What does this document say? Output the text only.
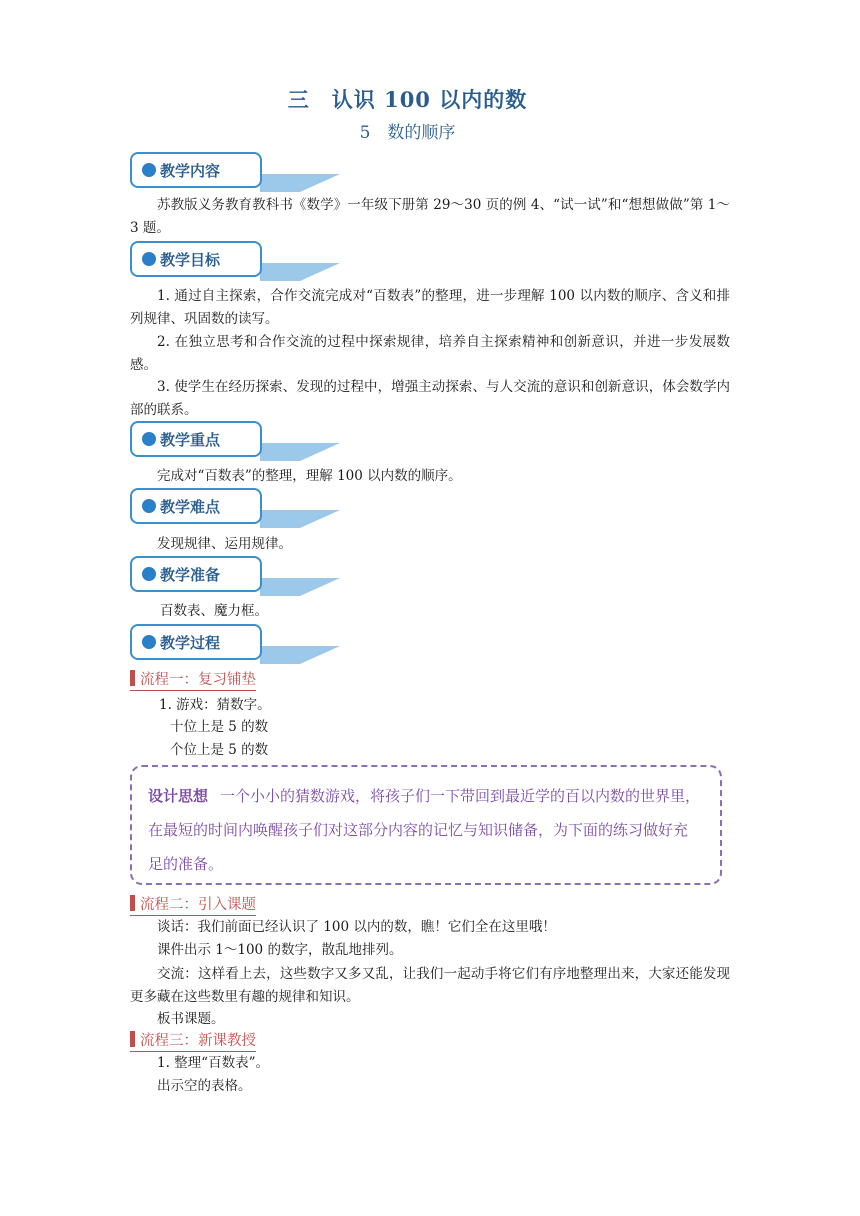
三　认识 100 以内的数
5　数的顺序
教学内容
苏教版义务教育教科书《数学》一年级下册第 29～30 页的例 4、“试一试”和“想想做做”第 1～3 题。
教学目标
1. 通过自主探索，合作交流完成对“百数表”的整理，进一步理解 100 以内数的顺序、含义和排列规律、巩固数的读写。
2. 在独立思考和合作交流的过程中探索规律，培养自主探索精神和创新意识，并进一步发展数感。
3. 使学生在经历探索、发现的过程中，增强主动探索、与人交流的意识和创新意识，体会数学内部的联系。
教学重点
完成对“百数表”的整理，理解 100 以内数的顺序。
教学难点
发现规律、运用规律。
教学准备
百数表、魔力框。
教学过程
流程一：复习铺垫
1. 游戏：猜数字。
十位上是 5 的数
个位上是 5 的数
设计思想 一个小小的猜数游戏，将孩子们一下带回到最近学的百以内数的世界里，在最短的时间内唤醒孩子们对这部分内容的记忆与知识储备，为下面的练习做好充足的准备。
流程二：引入课题
谈话：我们前面已经认识了 100 以内的数，瞧！它们全在这里哦！
课件出示 1～100 的数字，散乱地排列。
交流：这样看上去，这些数字又多又乱，让我们一起动手将它们有序地整理出来，大家还能发现更多藏在这些数里有趣的规律和知识。
板书课题。
流程三：新课教授
1. 整理“百数表”。
出示空的表格。
